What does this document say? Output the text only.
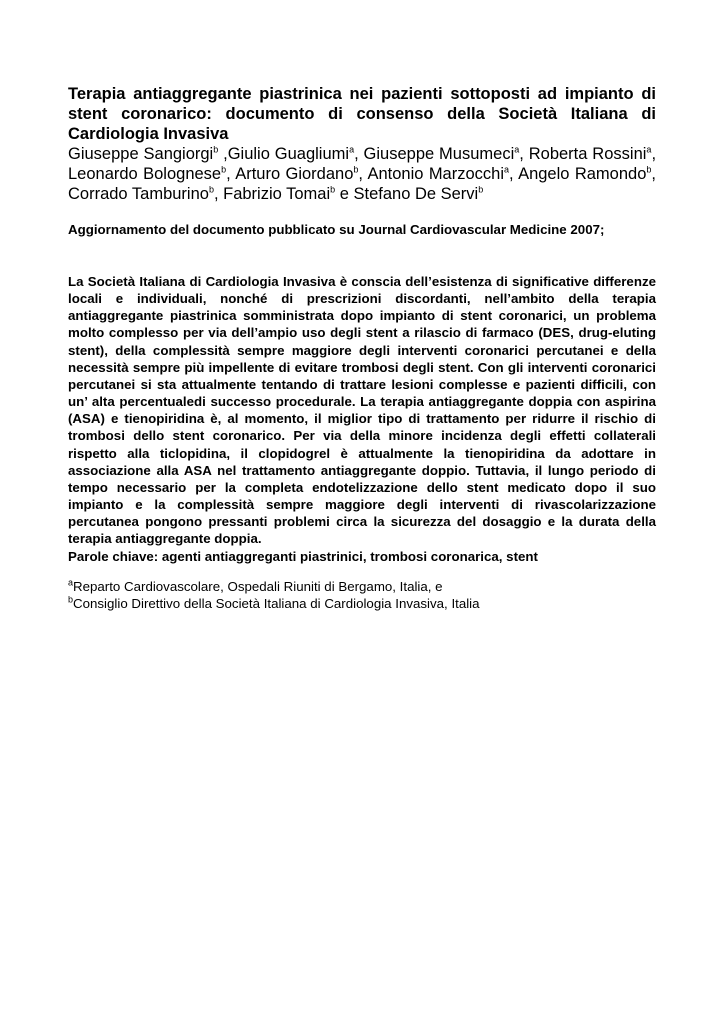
Terapia antiaggregante piastrinica nei pazienti sottoposti ad impianto di stent coronarico: documento di consenso della Società Italiana di Cardiologia Invasiva

Giuseppe Sangiorgi$^b$ ,Giulio Guagliumi$^a$, Giuseppe Musumeci$^a$, Roberta Rossini$^a$, Leonardo Bolognese$^b$, Arturo Giordano$^b$, Antonio Marzocchi$^a$, Angelo Ramondo$^b$, Corrado Tamburino$^b$, Fabrizio Tomai$^b$ e Stefano De Servi$^b$

Aggiornamento del documento pubblicato su Journal Cardiovascular Medicine 2007;

La Società Italiana di Cardiologia Invasiva è conscia dell’esistenza di significative differenze locali e individuali, nonché di prescrizioni discordanti, nell’ambito della terapia antiaggregante piastrinica somministrata dopo impianto di stent coronarici, un problema molto complesso per via dell’ampio uso degli stent a rilascio di farmaco (DES, drug-eluting stent), della complessità sempre maggiore degli interventi coronarici percutanei e della necessità sempre più impellente di evitare trombosi degli stent. Con gli interventi coronarici percutanei si sta attualmente tentando di trattare lesioni complesse e pazienti difficili, con un’ alta percentualedi successo procedurale. La terapia antiaggregante doppia con aspirina (ASA) e tienopiridina è, al momento, il miglior tipo di trattamento per ridurre il rischio di trombosi dello stent coronarico. Per via della minore incidenza degli effetti collaterali rispetto alla ticlopidina, il clopidogrel è attualmente la tienopiridina da adottare in associazione alla ASA nel trattamento antiaggregante doppio. Tuttavia, il lungo periodo di tempo necessario per la completa endotelizzazione dello stent medicato dopo il suo impianto e la complessità sempre maggiore degli interventi di rivascolarizzazione percutanea pongono pressanti problemi circa la sicurezza del dosaggio e la durata della terapia antiaggregante doppia.

Parole chiave: agenti antiaggreganti piastrinici, trombosi coronarica, stent

$^a$Reparto Cardiovascolare, Ospedali Riuniti di Bergamo, Italia, e

$^b$Consiglio Direttivo della Società Italiana di Cardiologia Invasiva, Italia
